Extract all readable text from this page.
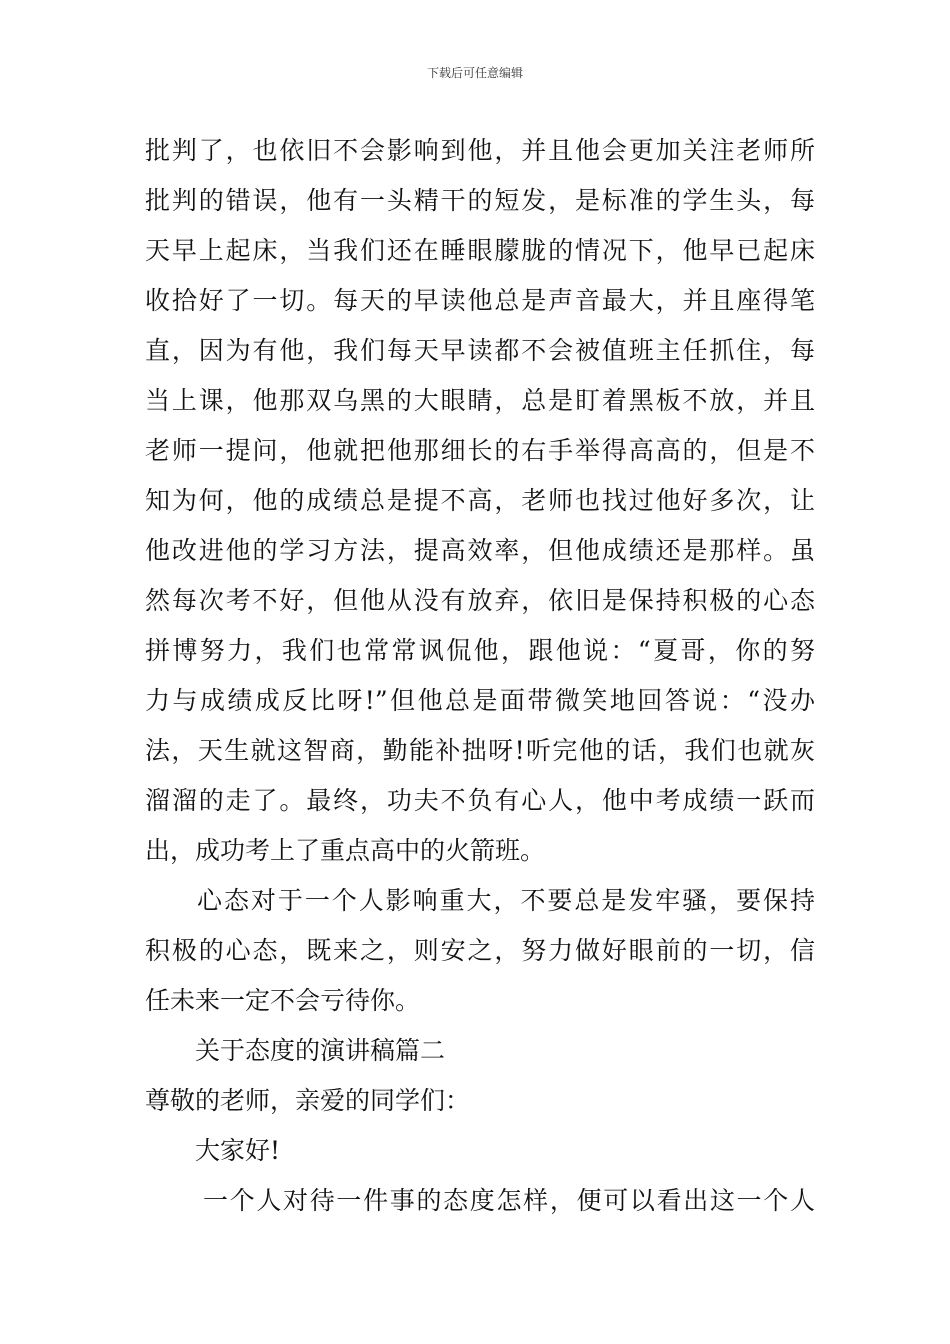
下载后可任意编辑
批判了，也依旧不会影响到他，并且他会更加关注老师所
批判的错误，他有一头精干的短发，是标准的学生头，每
天早上起床，当我们还在睡眼朦胧的情况下，他早已起床
收拾好了一切。每天的早读他总是声音最大，并且座得笔
直，因为有他，我们每天早读都不会被值班主任抓住，每
当上课，他那双乌黑的大眼睛，总是盯着黑板不放，并且
老师一提问，他就把他那细长的右手举得高高的，但是不
知为何，他的成绩总是提不高，老师也找过他好多次，让
他改进他的学习方法，提高效率，但他成绩还是那样。虽
然每次考不好，但他从没有放弃，依旧是保持积极的心态
拼博努力，我们也常常讽侃他，跟他说：“夏哥，你的努
力与成绩成反比呀!”但他总是面带微笑地回答说：“没办
法，天生就这智商，勤能补拙呀!听完他的话，我们也就灰
溜溜的走了。最终，功夫不负有心人，他中考成绩一跃而
出，成功考上了重点高中的火箭班。
心态对于一个人影响重大，不要总是发牢骚，要保持
积极的心态，既来之，则安之，努力做好眼前的一切，信
任未来一定不会亏待你。
关于态度的演讲稿篇二
尊敬的老师，亲爱的同学们：
大家好!
一个人对待一件事的态度怎样，便可以看出这一个人
